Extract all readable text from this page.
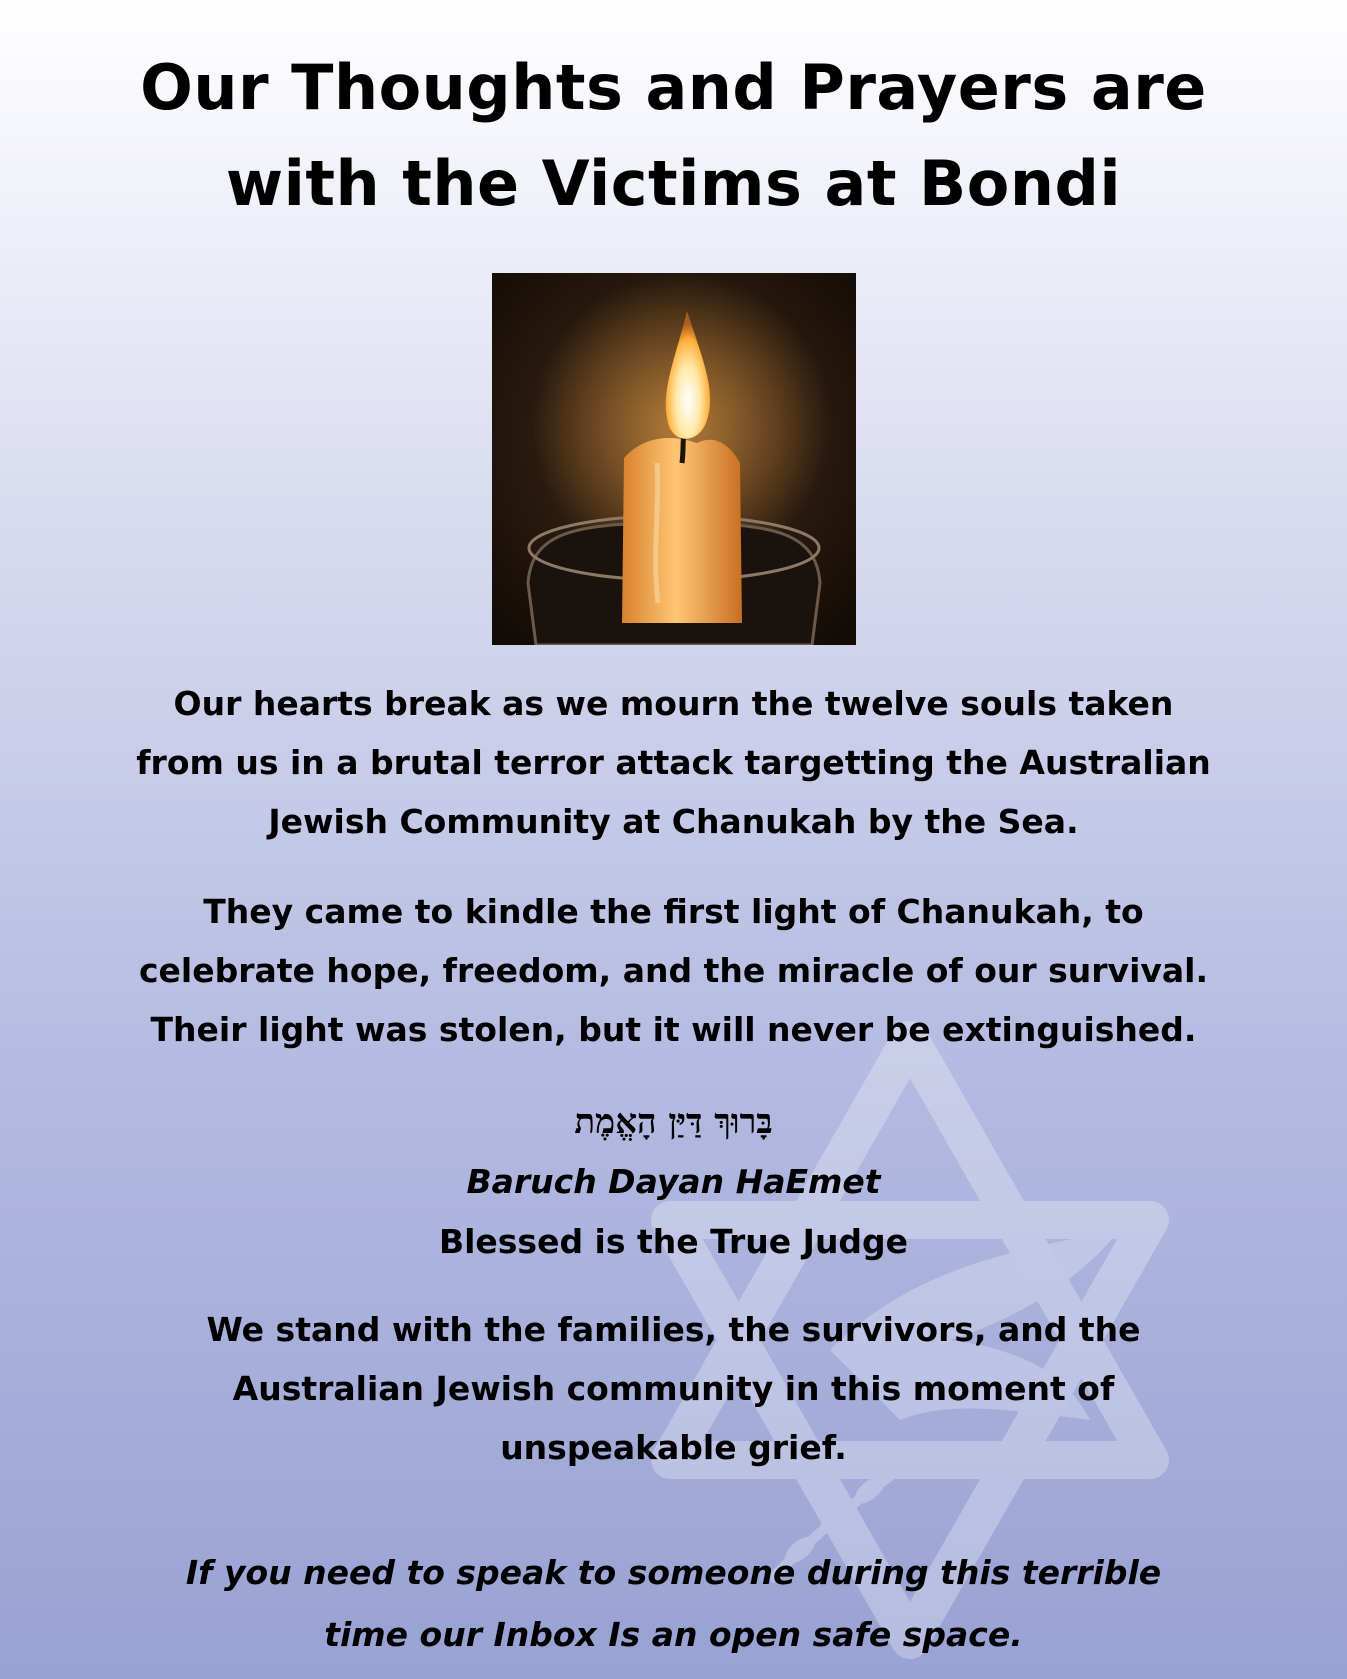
Our Thoughts and Prayers are
with the Victims at Bondi

Our hearts break as we mourn the twelve souls taken
from us in a brutal terror attack targetting the Australian
Jewish Community at Chanukah by the Sea.

They came to kindle the first light of Chanukah, to
celebrate hope, freedom, and the miracle of our survival.
Their light was stolen, but it will never be extinguished.

בָּרוּךְ דַּיַּן הָאֱמֶת

Baruch Dayan HaEmet

Blessed is the True Judge

We stand with the families, the survivors, and the
Australian Jewish community in this moment of
unspeakable grief.

If you need to speak to someone during this terrible
time our Inbox Is an open safe space.
